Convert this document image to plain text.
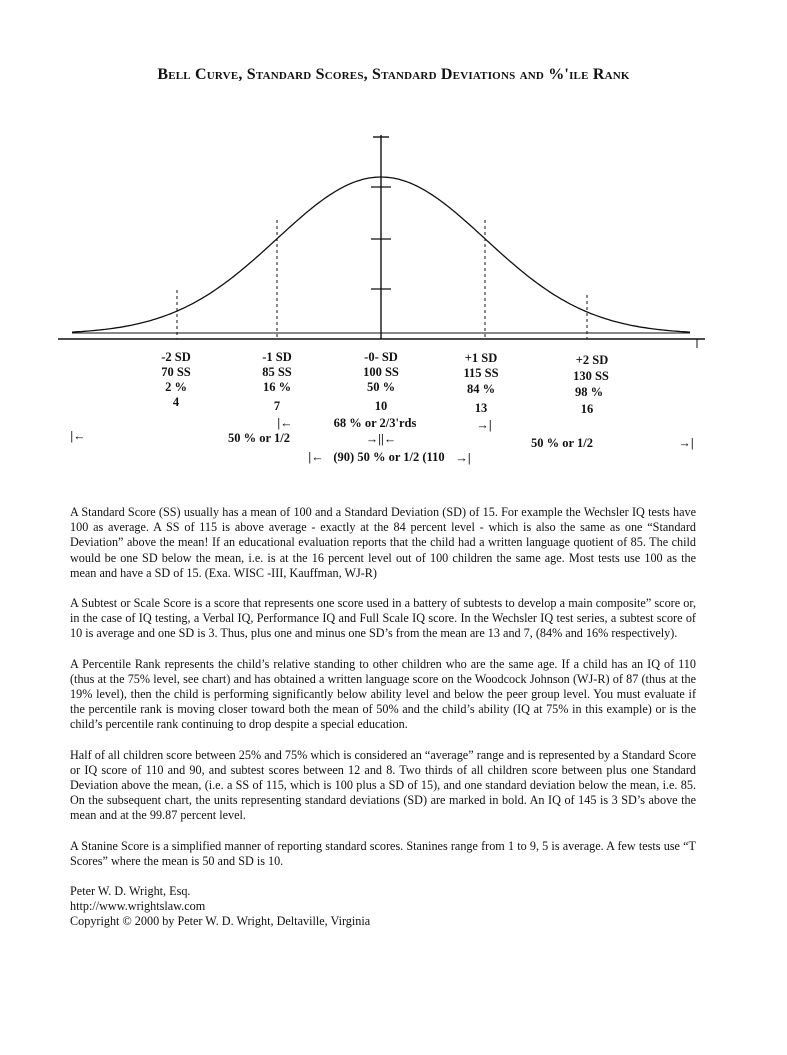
Bell Curve, Standard Scores, Standard Deviations and %'ile Rank
-2 SD
70 SS
2 %
4
-1 SD
85 SS
16 %
7
-0- SD
100 SS
50 %
10
+1 SD
115 SS
84 %
13
+2 SD
130 SS
98 %
16
|←	68 % or 2/3'rds	→|
|←	50 % or 1/2	→||←	50 % or 1/2	→|
|← (90) 50 % or 1/2 (110 →|

A Standard Score (SS) usually has a mean of 100 and a Standard Deviation (SD) of 15. For example the Wechsler IQ tests have 100 as average. A SS of 115 is above average - exactly at the 84 percent level - which is also the same as one “Standard Deviation” above the mean! If an educational evaluation reports that the child had a written language quotient of 85. The child would be one SD below the mean, i.e. is at the 16 percent level out of 100 children the same age. Most tests use 100 as the mean and have a SD of 15. (Exa. WISC -III, Kauffman, WJ-R)

A Subtest or Scale Score is a score that represents one score used in a battery of subtests to develop a main composite” score or, in the case of IQ testing, a Verbal IQ, Performance IQ and Full Scale IQ score. In the Wechsler IQ test series, a subtest score of 10 is average and one SD is 3. Thus, plus one and minus one SD’s from the mean are 13 and 7, (84% and 16% respectively).

A Percentile Rank represents the child’s relative standing to other children who are the same age. If a child has an IQ of 110 (thus at the 75% level, see chart) and has obtained a written language score on the Woodcock Johnson (WJ-R) of 87 (thus at the 19% level), then the child is performing significantly below ability level and below the peer group level. You must evaluate if the percentile rank is moving closer toward both the mean of 50% and the child’s ability (IQ at 75% in this example) or is the child’s percentile rank continuing to drop despite a special education.

Half of all children score between 25% and 75% which is considered an “average” range and is represented by a Standard Score or IQ score of 110 and 90, and subtest scores between 12 and 8. Two thirds of all children score between plus one Standard Deviation above the mean, (i.e. a SS of 115, which is 100 plus a SD of 15), and one standard deviation below the mean, i.e. 85. On the subsequent chart, the units representing standard deviations (SD) are marked in bold. An IQ of 145 is 3 SD’s above the mean and at the 99.87 percent level.

A Stanine Score is a simplified manner of reporting standard scores. Stanines range from 1 to 9, 5 is average. A few tests use “T Scores” where the mean is 50 and SD is 10.

Peter W. D. Wright, Esq.
http://www.wrightslaw.com
Copyright © 2000 by Peter W. D. Wright, Deltaville, Virginia
